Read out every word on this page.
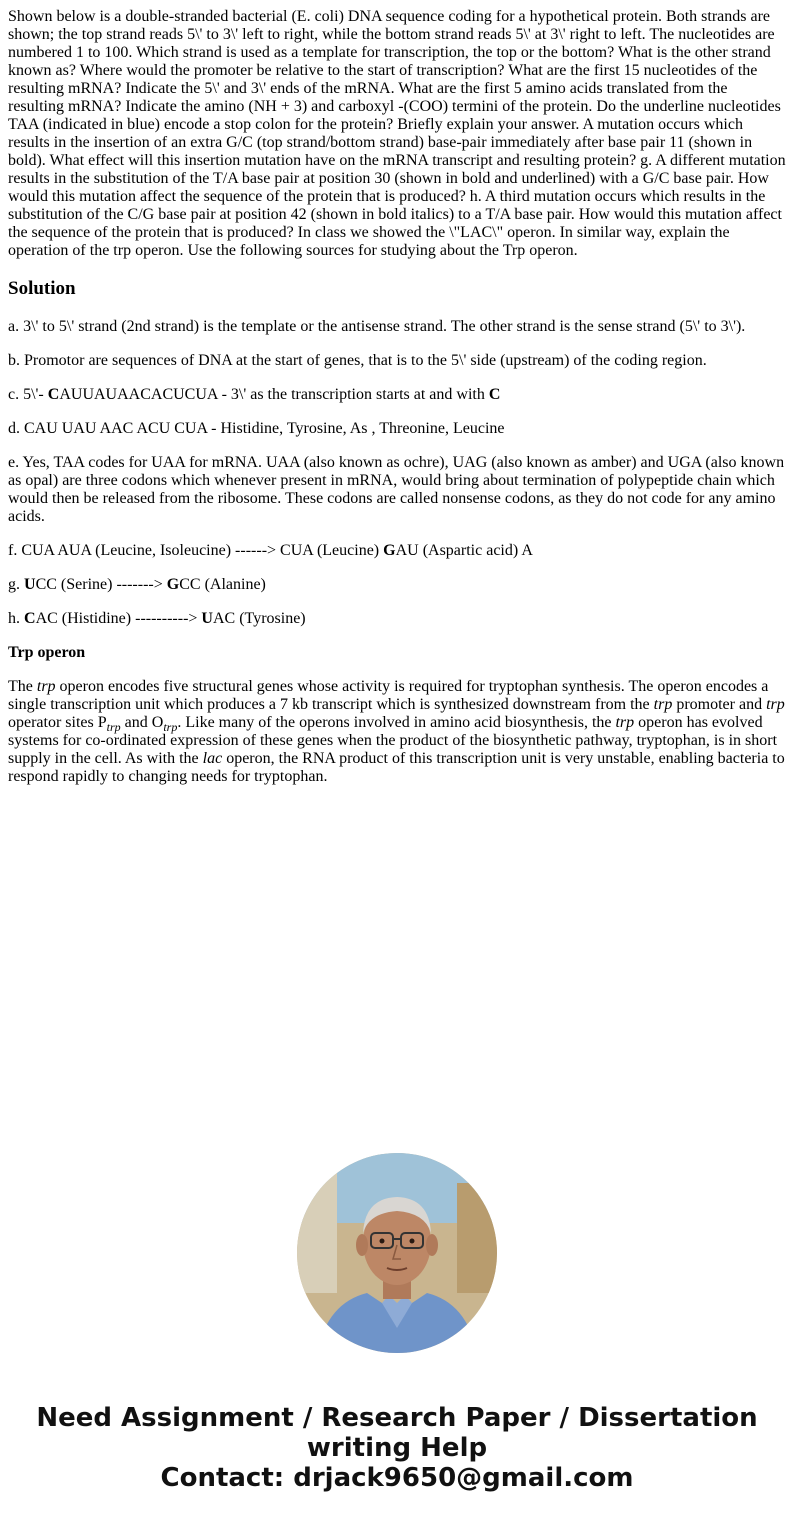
Shown below is a double-stranded bacterial (E. coli) DNA sequence coding for a hypothetical protein. Both strands are shown; the top strand reads 5\' to 3\' left to right, while the bottom strand reads 5\' at 3\' right to left. The nucleotides are numbered 1 to 100. Which strand is used as a template for transcription, the top or the bottom? What is the other strand known as? Where would the promoter be relative to the start of transcription? What are the first 15 nucleotides of the resulting mRNA? Indicate the 5\' and 3\' ends of the mRNA. What are the first 5 amino acids translated from the resulting mRNA? Indicate the amino (NH + 3) and carboxyl -(COO) termini of the protein. Do the underline nucleotides TAA (indicated in blue) encode a stop colon for the protein? Briefly explain your answer. A mutation occurs which results in the insertion of an extra G/C (top strand/bottom strand) base-pair immediately after base pair 11 (shown in bold). What effect will this insertion mutation have on the mRNA transcript and resulting protein? g. A different mutation results in the substitution of the T/A base pair at position 30 (shown in bold and underlined) with a G/C base pair. How would this mutation affect the sequence of the protein that is produced? h. A third mutation occurs which results in the substitution of the C/G base pair at position 42 (shown in bold italics) to a T/A base pair. How would this mutation affect the sequence of the protein that is produced? In class we showed the \"LAC\" operon. In similar way, explain the operation of the trp operon. Use the following sources for studying about the Trp operon.

Solution

a. 3\' to 5\' strand (2nd strand) is the template or the antisense strand. The other strand is the sense strand (5\' to 3\').

b. Promotor are sequences of DNA at the start of genes, that is to the 5\' side (upstream) of the coding region.

c. 5\'- CAUUAUAACACUCUA - 3\' as the transcription starts at and with C

d. CAU UAU AAC ACU CUA - Histidine, Tyrosine, As , Threonine, Leucine

e. Yes, TAA codes for UAA for mRNA. UAA (also known as ochre), UAG (also known as amber) and UGA (also known as opal) are three codons which whenever present in mRNA, would bring about termination of polypeptide chain which would then be released from the ribosome. These codons are called nonsense codons, as they do not code for any amino acids.

f. CUA AUA (Leucine, Isoleucine) ------> CUA (Leucine) GAU (Aspartic acid) A

g. UCC (Serine) -------> GCC (Alanine)

h. CAC (Histidine) ----------> UAC (Tyrosine)

Trp operon

The trp operon encodes five structural genes whose activity is required for tryptophan synthesis. The operon encodes a single transcription unit which produces a 7 kb transcript which is synthesized downstream from the trp promoter and trp operator sites $P_{trp}$ and $O_{trp}$. Like many of the operons involved in amino acid biosynthesis, the trp operon has evolved systems for co-ordinated expression of these genes when the product of the biosynthetic pathway, tryptophan, is in short supply in the cell. As with the lac operon, the RNA product of this transcription unit is very unstable, enabling bacteria to respond rapidly to changing needs for tryptophan.

Need Assignment / Research Paper / Dissertation
writing Help
Contact: drjack9650@gmail.com
